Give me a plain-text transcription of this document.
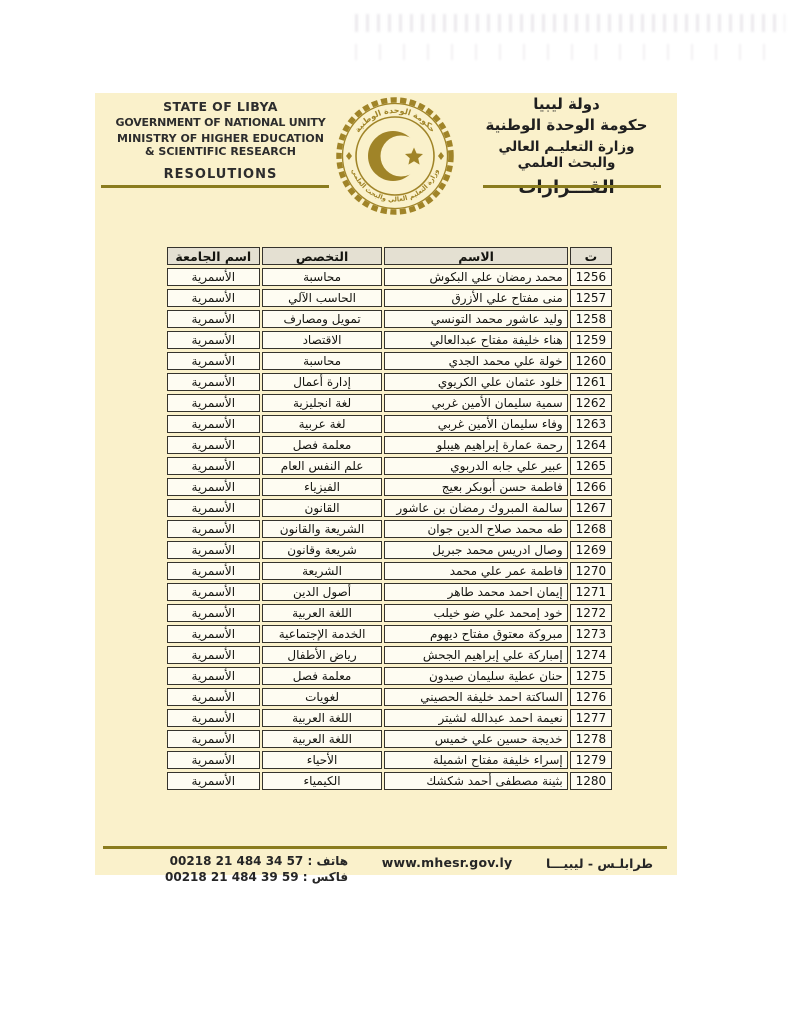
STATE OF LIBYA
GOVERNMENT OF NATIONAL UNITY
MINISTRY OF HIGHER EDUCATION
& SCIENTIFIC RESEARCH
RESOLUTIONS
حكومة الوحدة الوطنية
وزارة التعليم العالي والبحث العلمي
دولة ليبيا
حكومة الوحدة الوطنية
وزارة التعليـم العالي والبحث العلمي
ت	الاسم	التخصص	اسم الجامعة
1256	محمد رمضان علي البكوش	محاسبة	الأسمرية
1257	منى مفتاح علي الأزرق	الحاسب الآلي	الأسمرية
1258	وليد عاشور محمد التونسي	تمويل ومصارف	الأسمرية
1259	هناء خليفة مفتاح عبدالعالي	الاقتصاد	الأسمرية
1260	خولة علي محمد الجدي	محاسبة	الأسمرية
1261	خلود عثمان علي الكريوي	إدارة أعمال	الأسمرية
1262	سمية سليمان الأمين غربي	لغة انجليزية	الأسمرية
1263	وفاء سليمان الأمين غربي	لغة عربية	الأسمرية
1264	رحمة عمارة إبراهيم هيبلو	معلمة فصل	الأسمرية
1265	عبير علي جابه الدربوي	علم النفس العام	الأسمرية
1266	فاطمة حسن أبوبكر بعيج	الفيزياء	الأسمرية
1267	سالمة المبروك رمضان بن عاشور	القانون	الأسمرية
1268	طه محمد صلاح الدين جوان	الشريعة والقانون	الأسمرية
1269	وصال ادريس محمد جبريل	شريعة وقانون	الأسمرية
1270	فاطمة عمر علي محمد	الشريعة	الأسمرية
1271	إيمان احمد محمد طاهر	أصول الدين	الأسمرية
1272	خود إمحمد علي ضو خيلب	اللغة العربية	الأسمرية
1273	مبروكة معتوق مفتاح ديهوم	الخدمة الإجتماعية	الأسمرية
1274	إمباركة علي إبراهيم الجحش	رياض الأطفال	الأسمرية
1275	حنان عطية سليمان صيدون	معلمة فصل	الأسمرية
1276	الساكتة احمد خليفة الحصيني	لغويات	الأسمرية
1277	نعيمة احمد عبدالله لشيتر	اللغة العربية	الأسمرية
1278	خديجة حسين علي خميس	اللغة العربية	الأسمرية
1279	إسراء خليفة مفتاح اشميلة	الأحياء	الأسمرية
1280	بثينة مصطفى أحمد شكشك	الكيمياء	الأسمرية
هاتف : 00218 21 484 34 57
فاكس : 00218 21 484 39 59
www.mhesr.gov.ly	طرابلـس - ليبيـــا
